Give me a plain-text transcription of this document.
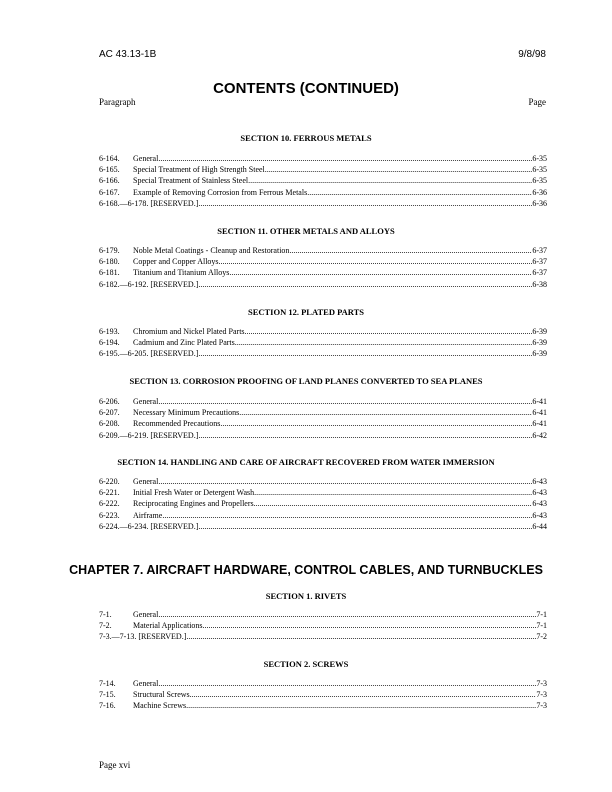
AC 43.13-1B	9/8/98
CONTENTS (CONTINUED)
Paragraph	Page
SECTION 10. FERROUS METALS
6-164.	General .....	6-35
6-165.	Special Treatment of High Strength Steel .....	6-35
6-166.	Special Treatment of Stainless Steel .....	6-35
6-167.	Example of Removing Corrosion from Ferrous Metals .....	6-36
6-168.—6-178. [RESERVED.] .....	6-36
SECTION 11. OTHER METALS AND ALLOYS
6-179.	Noble Metal Coatings - Cleanup and Restoration .....	6-37
6-180.	Copper and Copper Alloys .....	6-37
6-181.	Titanium and Titanium Alloys .....	6-37
6-182.—6-192. [RESERVED.] .....	6-38
SECTION 12. PLATED PARTS
6-193.	Chromium and Nickel Plated Parts .....	6-39
6-194.	Cadmium and Zinc Plated Parts .....	6-39
6-195.—6-205. [RESERVED.] .....	6-39
SECTION 13. CORROSION PROOFING OF LAND PLANES CONVERTED TO SEA PLANES
6-206.	General .....	6-41
6-207.	Necessary Minimum Precautions .....	6-41
6-208.	Recommended Precautions .....	6-41
6-209.—6-219. [RESERVED.] .....	6-42
SECTION 14. HANDLING AND CARE OF AIRCRAFT RECOVERED FROM WATER IMMERSION
6-220.	General .....	6-43
6-221.	Initial Fresh Water or Detergent Wash .....	6-43
6-222.	Reciprocating Engines and Propellers .....	6-43
6-223.	Airframe .....	6-43
6-224.—6-234. [RESERVED.] .....	6-44
CHAPTER 7. AIRCRAFT HARDWARE, CONTROL CABLES, AND TURNBUCKLES
SECTION 1. RIVETS
7-1.	General .....	7-1
7-2.	Material Applications .....	7-1
7-3.—7-13. [RESERVED.] .....	7-2
SECTION 2. SCREWS
7-14.	General .....	7-3
7-15.	Structural Screws .....	7-3
7-16.	Machine Screws .....	7-3
Page xvi
